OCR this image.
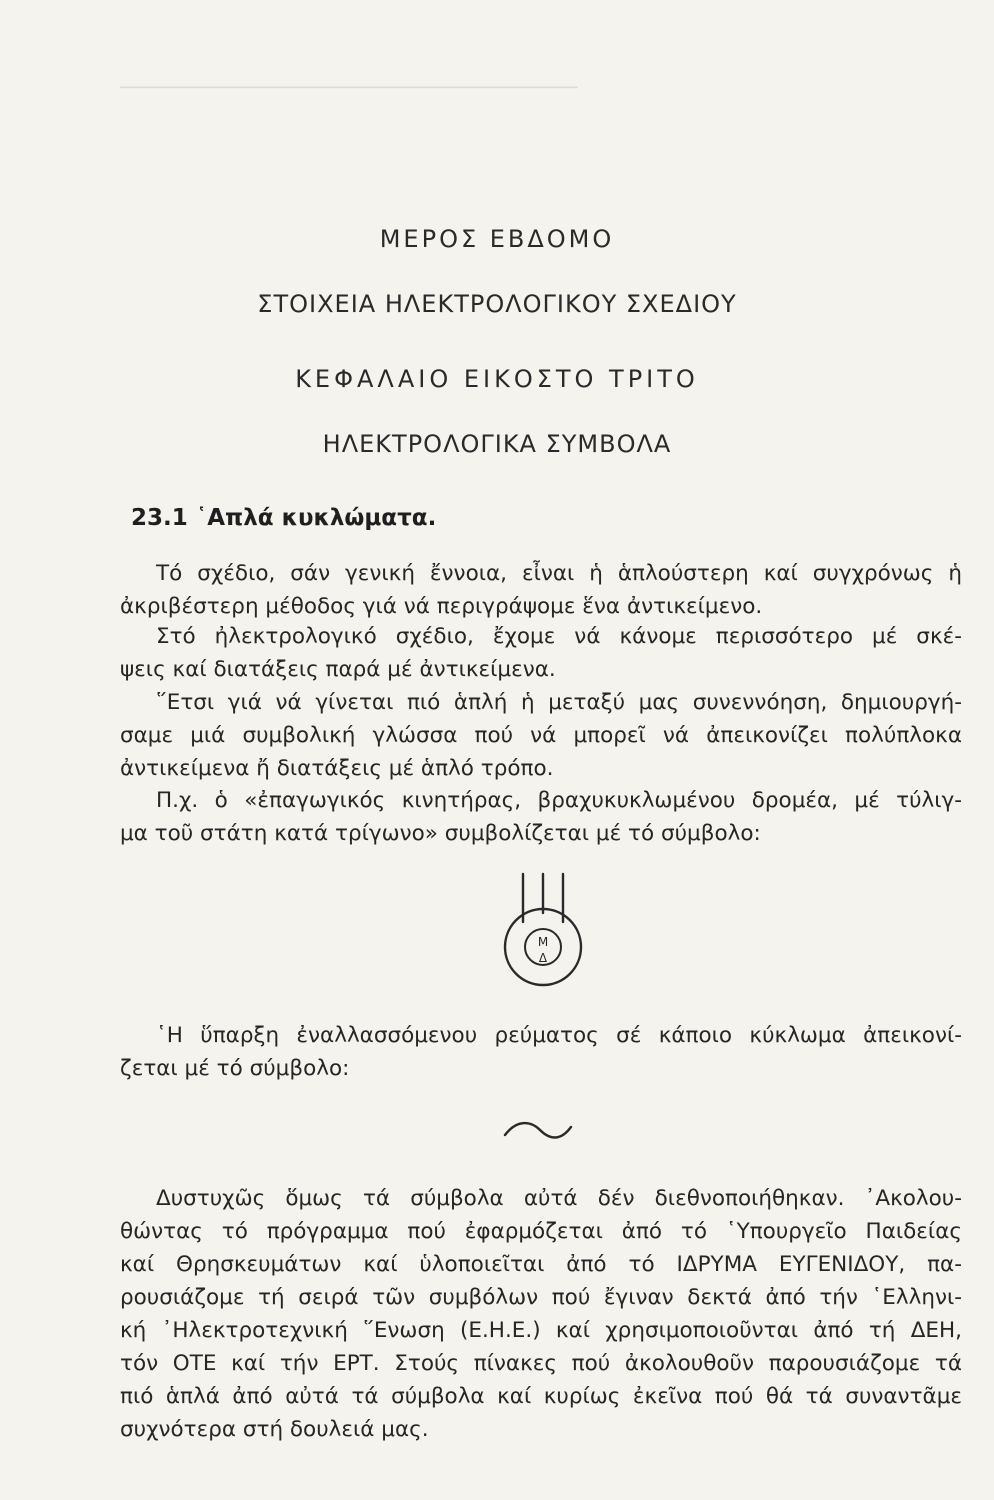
────────────────────────────────────────
ΜΕΡΟΣ ΕΒΔΟΜΟ
ΣΤΟΙΧΕΙΑ ΗΛΕΚΤΡΟΛΟΓΙΚΟΥ ΣΧΕΔΙΟΥ
ΚΕΦΑΛΑΙΟ ΕΙΚΟΣΤΟ ΤΡΙΤΟ
ΗΛΕΚΤΡΟΛΟΓΙΚΑ ΣΥΜΒΟΛΑ
23.1 ῾Απλά κυκλώματα.
Τό σχέδιο, σάν γενική ἔννοια, εἶναι ἡ ἁπλούστερη καί συγχρόνως ἡ
ἀκριβέστερη μέθοδος γιά νά περιγράψομε ἕνα ἀντικείμενο.
Στό ἠλεκτρολογικό σχέδιο, ἔχομε νά κάνομε περισσότερο μέ σκέ-
ψεις καί διατάξεις παρά μέ ἀντικείμενα.
῞Ετσι γιά νά γίνεται πιό ἁπλή ἡ μεταξύ μας συνεννόηση, δημιουργή-
σαμε μιά συμβολική γλώσσα πού νά μπορεῖ νά ἀπεικονίζει πολύπλοκα
ἀντικείμενα ἤ διατάξεις μέ ἁπλό τρόπο.
Π.χ. ὁ «ἐπαγωγικός κινητήρας, βραχυκυκλωμένου δρομέα, μέ τύλιγ-
μα τοῦ στάτη κατά τρίγωνο» συμβολίζεται μέ τό σύμβολο:
Μ
Δ
῾Η ὕπαρξη ἐναλλασσόμενου ρεύματος σέ κάποιο κύκλωμα ἀπεικονί-
ζεται μέ τό σύμβολο:
Δυστυχῶς ὅμως τά σύμβολα αὐτά δέν διεθνοποιήθηκαν. ᾿Ακολου-
θώντας τό πρόγραμμα πού ἐφαρμόζεται ἀπό τό ῾Υπουργεῖο Παιδείας
καί Θρησκευμάτων καί ὑλοποιεῖται ἀπό τό ΙΔΡΥΜΑ ΕΥΓΕΝΙΔΟΥ, πα-
ρουσιάζομε τή σειρά τῶν συμβόλων πού ἔγιναν δεκτά ἀπό τήν ῾Ελληνι-
κή ᾿Ηλεκτροτεχνική ῞Ενωση (Ε.Η.Ε.) καί χρησιμοποιοῦνται ἀπό τή ΔΕΗ,
τόν ΟΤΕ καί τήν ΕΡΤ. Στούς πίνακες πού ἀκολουθοῦν παρουσιάζομε τά
πιό ἁπλά ἀπό αὐτά τά σύμβολα καί κυρίως ἐκεῖνα πού θά τά συναντᾶμε
συχνότερα στή δουλειά μας.
